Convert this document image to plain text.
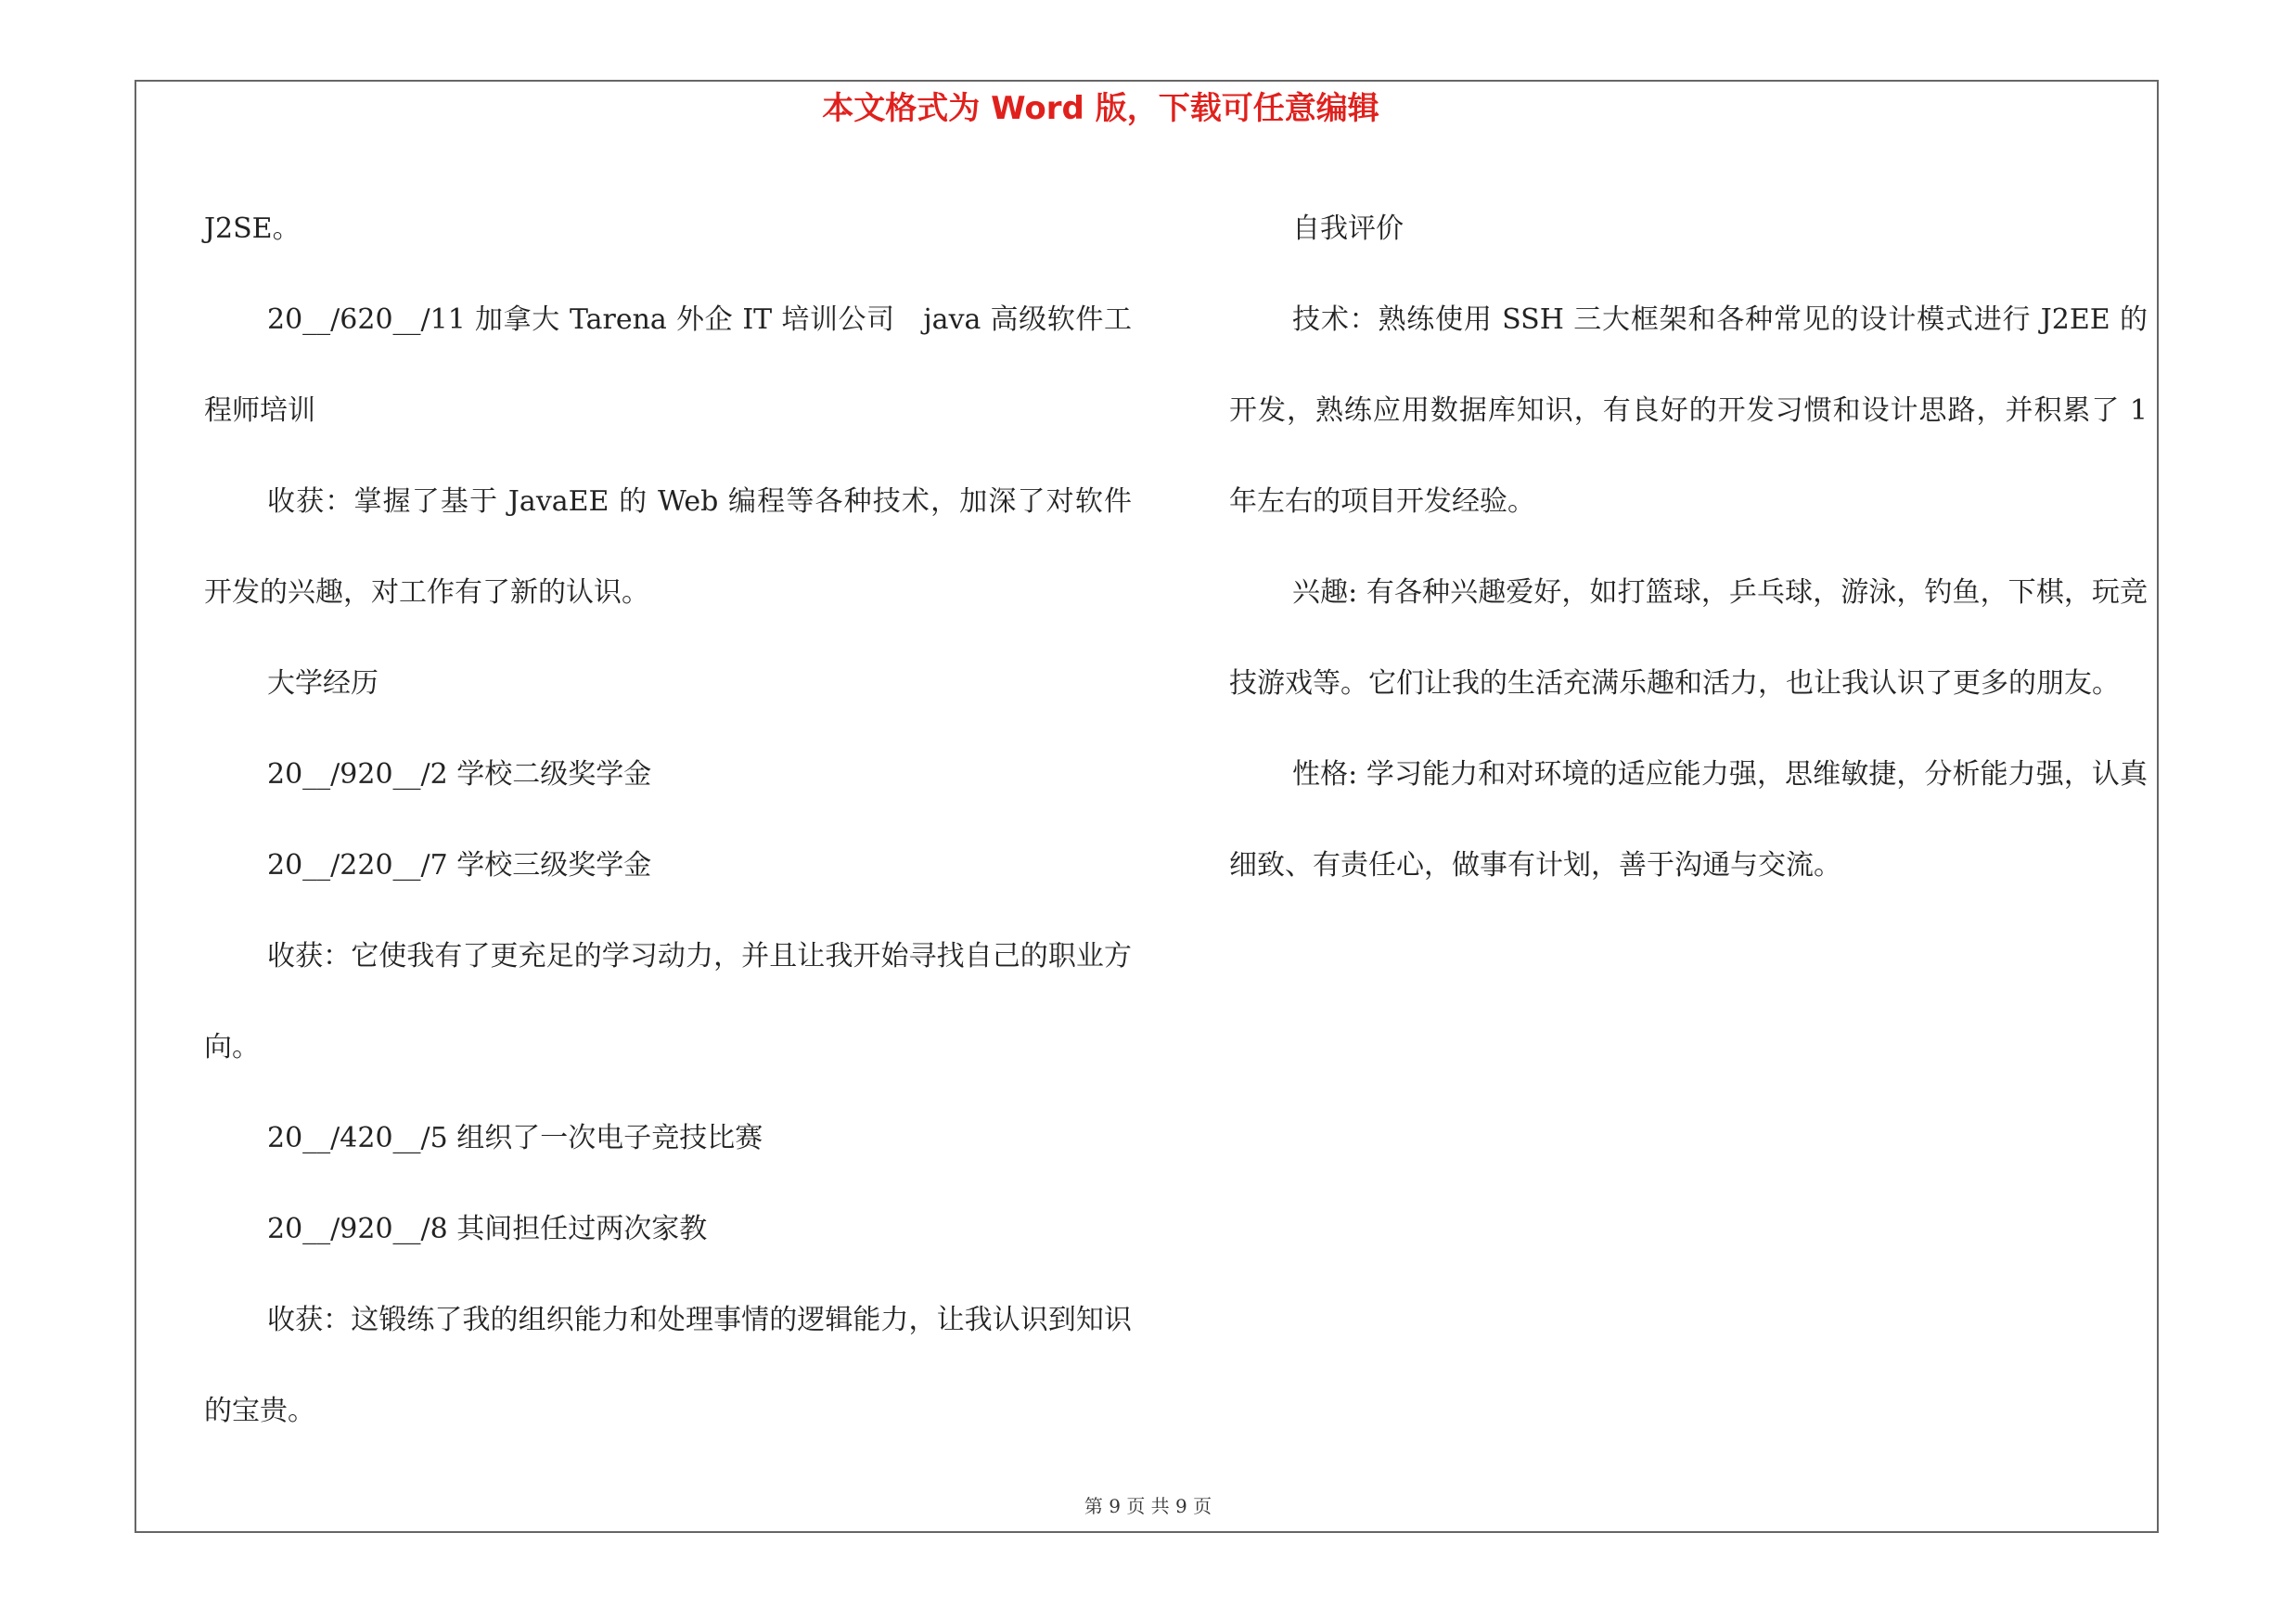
本文格式为 Word 版，下载可任意编辑

J2SE。

20__/620__/11 加拿大 Tarena 外企 IT 培训公司　java 高级软件工程师培训

收获：掌握了基于 JavaEE 的 Web 编程等各种技术，加深了对软件开发的兴趣，对工作有了新的认识。

大学经历

20__/920__/2 学校二级奖学金

20__/220__/7 学校三级奖学金

收获：它使我有了更充足的学习动力，并且让我开始寻找自己的职业方向。

20__/420__/5 组织了一次电子竞技比赛

20__/920__/8 其间担任过两次家教

收获：这锻练了我的组织能力和处理事情的逻辑能力，让我认识到知识的宝贵。

自我评价

技术：熟练使用 SSH 三大框架和各种常见的设计模式进行 J2EE 的开发，熟练应用数据库知识，有良好的开发习惯和设计思路，并积累了 1 年左右的项目开发经验。

兴趣: 有各种兴趣爱好，如打篮球，乒乓球，游泳，钓鱼，下棋，玩竞技游戏等。它们让我的生活充满乐趣和活力，也让我认识了更多的朋友。

性格: 学习能力和对环境的适应能力强，思维敏捷，分析能力强，认真细致、有责任心，做事有计划，善于沟通与交流。

第 9 页 共 9 页
